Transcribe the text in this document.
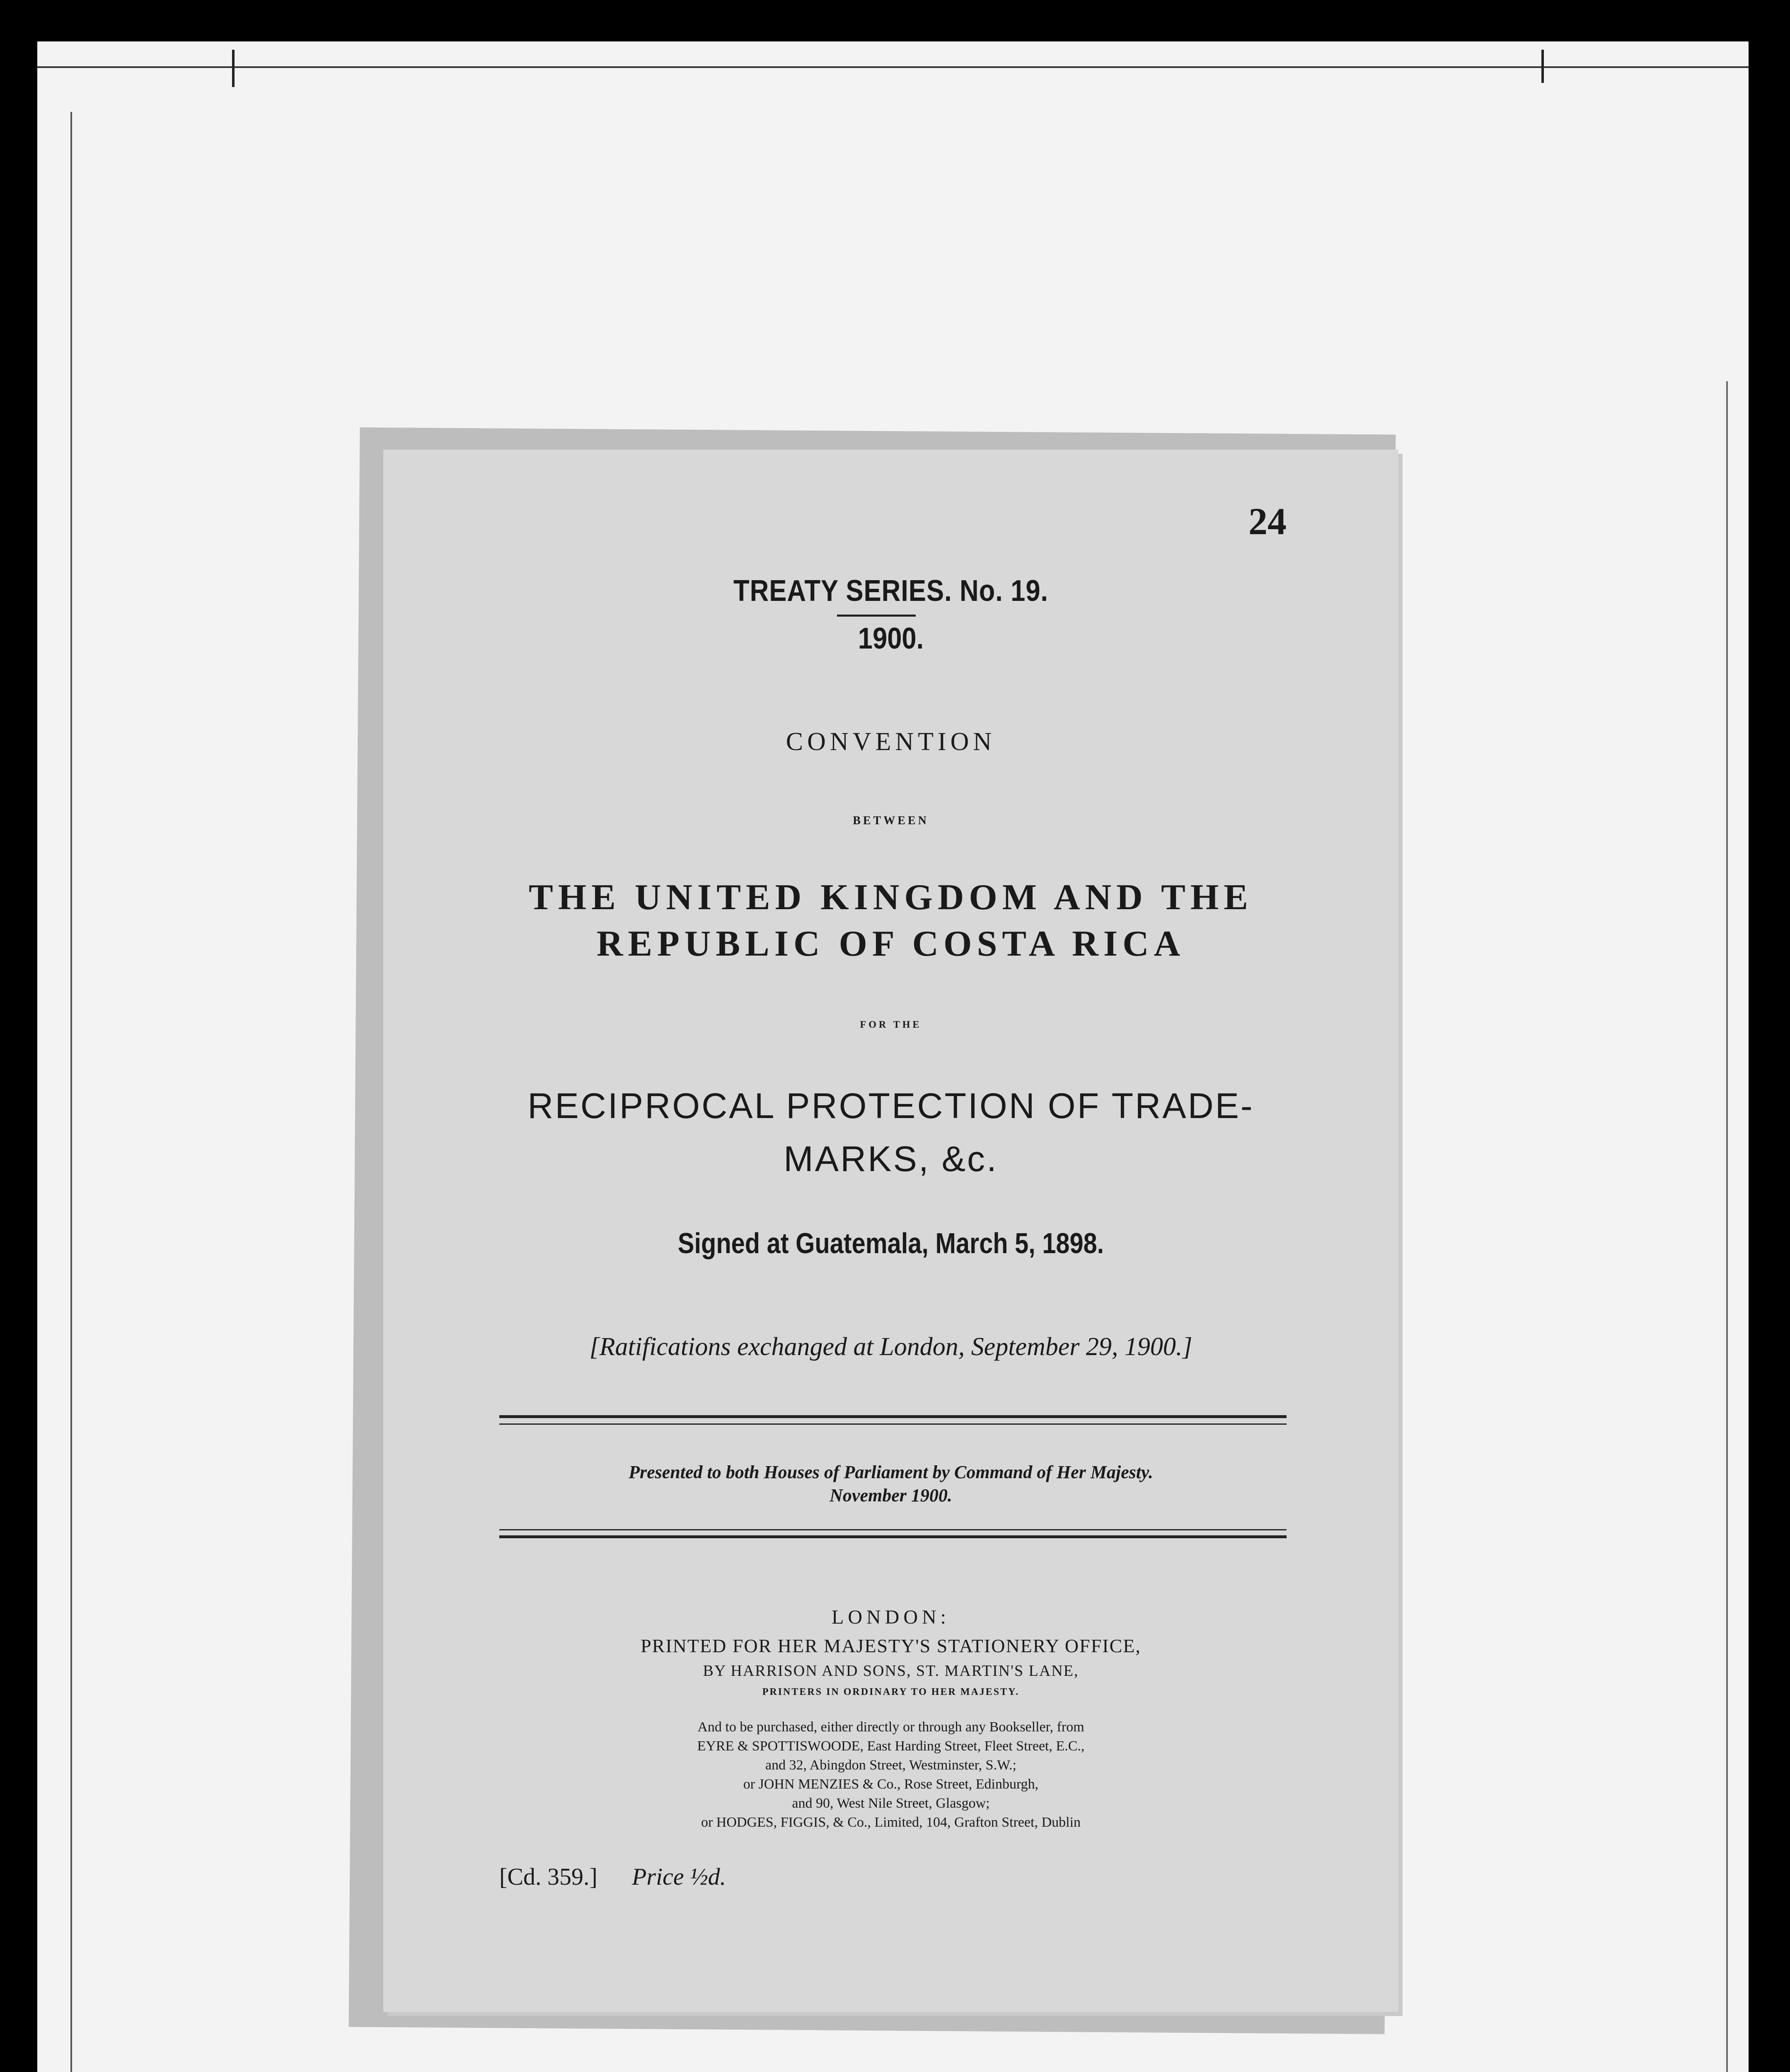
24

TREATY SERIES. No. 19.

1900.

CONVENTION

BETWEEN

THE UNITED KINGDOM AND THE
REPUBLIC OF COSTA RICA

FOR THE

RECIPROCAL PROTECTION OF TRADE-
MARKS, &c.

Signed at Guatemala, March 5, 1898.

[Ratifications exchanged at London, September 29, 1900.]

Presented to both Houses of Parliament by Command of Her Majesty.
November 1900.

LONDON:

PRINTED FOR HER MAJESTY'S STATIONERY OFFICE,

BY HARRISON AND SONS, ST. MARTIN'S LANE,

PRINTERS IN ORDINARY TO HER MAJESTY.

And to be purchased, either directly or through any Bookseller, from
EYRE & SPOTTISWOODE, East Harding Street, Fleet Street, E.C.,
and 32, Abingdon Street, Westminster, S.W.;
or JOHN MENZIES & Co., Rose Street, Edinburgh,
and 90, West Nile Street, Glasgow;
or HODGES, FIGGIS, & Co., Limited, 104, Grafton Street, Dublin

[Cd. 359.] Price ½d.
